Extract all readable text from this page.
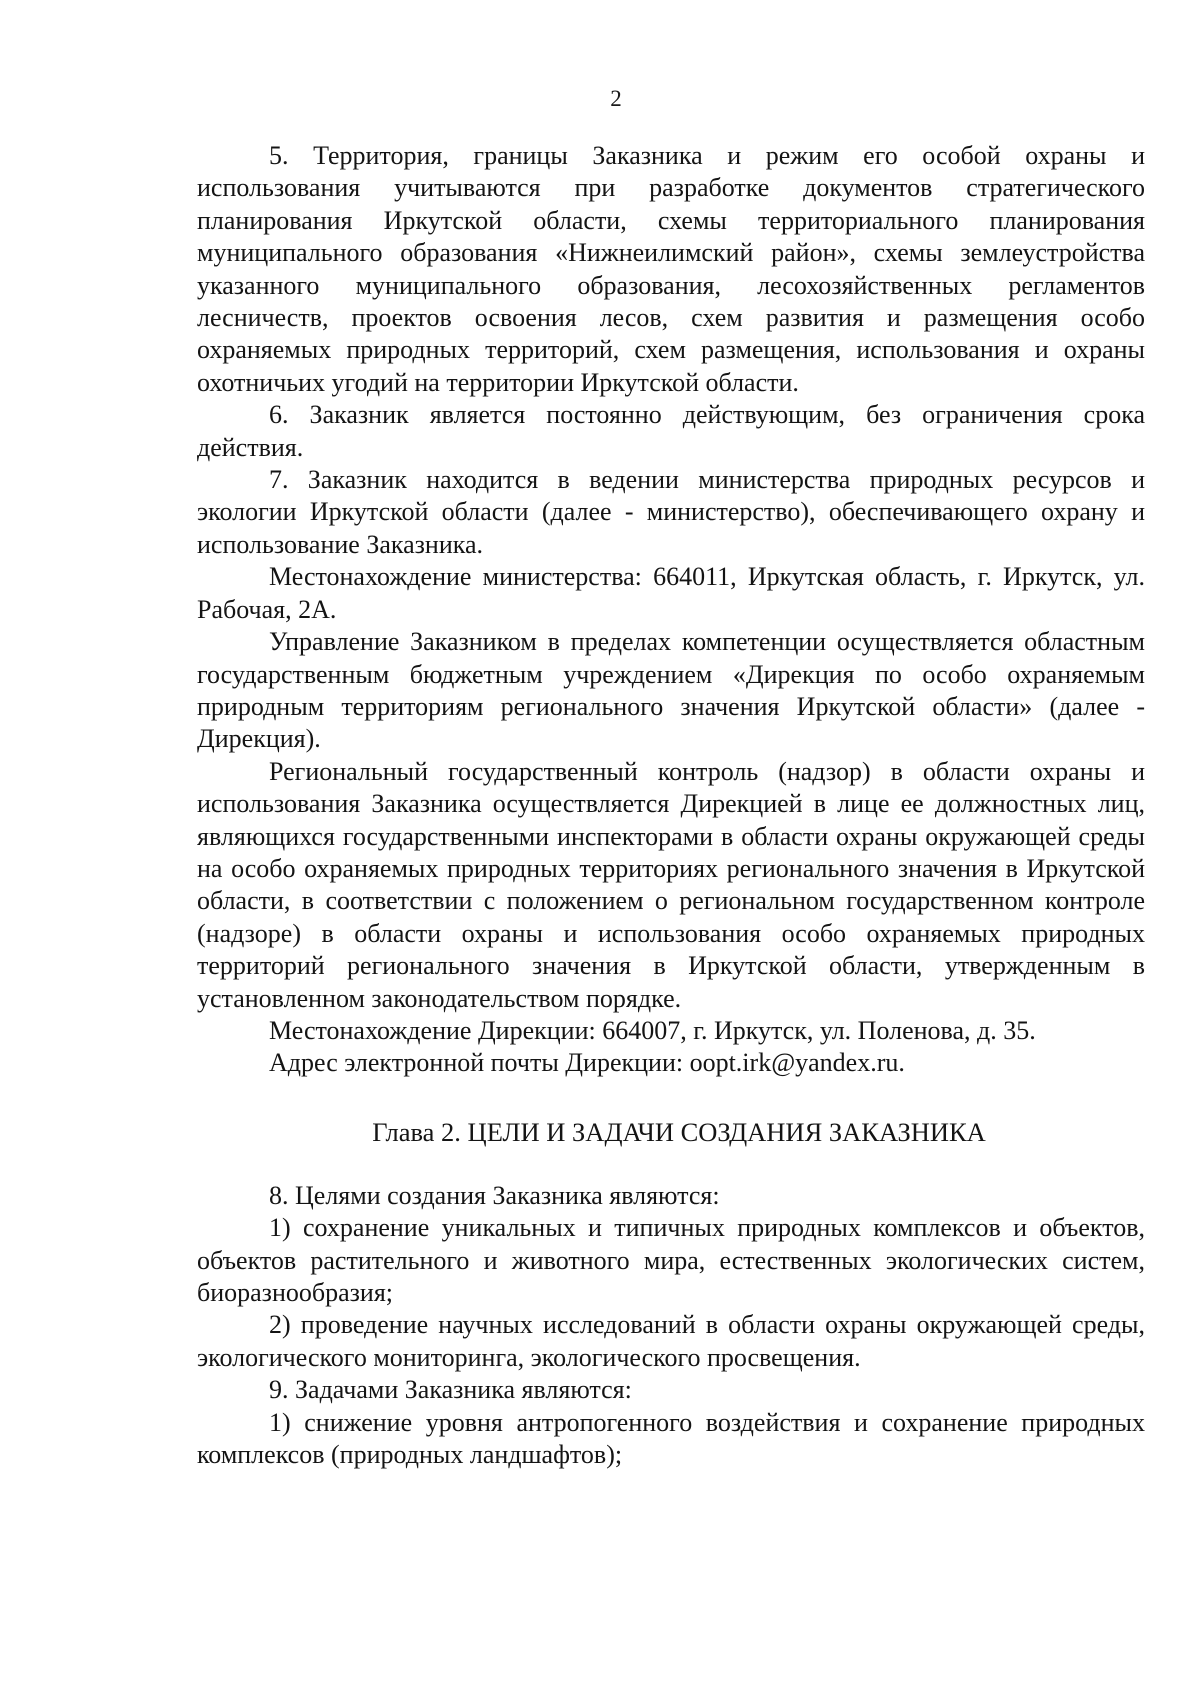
2

5. Территория, границы Заказника и режим его особой охраны и использования учитываются при разработке документов стратегического планирования Иркутской области, схемы территориального планирования муниципального образования «Нижнеилимский район», схемы землеустройства указанного муниципального образования, лесохозяйственных регламентов лесничеств, проектов освоения лесов, схем развития и размещения особо охраняемых природных территорий, схем размещения, использования и охраны охотничьих угодий на территории Иркутской области.

6. Заказник является постоянно действующим, без ограничения срока действия.

7. Заказник находится в ведении министерства природных ресурсов и экологии Иркутской области (далее - министерство), обеспечивающего охрану и использование Заказника.

Местонахождение министерства: 664011, Иркутская область, г. Иркутск, ул. Рабочая, 2А.

Управление Заказником в пределах компетенции осуществляется областным государственным бюджетным учреждением «Дирекция по особо охраняемым природным территориям регионального значения Иркутской области» (далее - Дирекция).

Региональный государственный контроль (надзор) в области охраны и использования Заказника осуществляется Дирекцией в лице ее должностных лиц, являющихся государственными инспекторами в области охраны окружающей среды на особо охраняемых природных территориях регионального значения в Иркутской области, в соответствии с положением о региональном государственном контроле (надзоре) в области охраны и использования особо охраняемых природных территорий регионального значения в Иркутской области, утвержденным в установленном законодательством порядке.

Местонахождение Дирекции: 664007, г. Иркутск, ул. Поленова, д. 35.

Адрес электронной почты Дирекции: oopt.irk@yandex.ru.

Глава 2. ЦЕЛИ И ЗАДАЧИ СОЗДАНИЯ ЗАКАЗНИКА

8. Целями создания Заказника являются:

1) сохранение уникальных и типичных природных комплексов и объектов, объектов растительного и животного мира, естественных экологических систем, биоразнообразия;

2) проведение научных исследований в области охраны окружающей среды, экологического мониторинга, экологического просвещения.

9. Задачами Заказника являются:

1) снижение уровня антропогенного воздействия и сохранение природных комплексов (природных ландшафтов);
